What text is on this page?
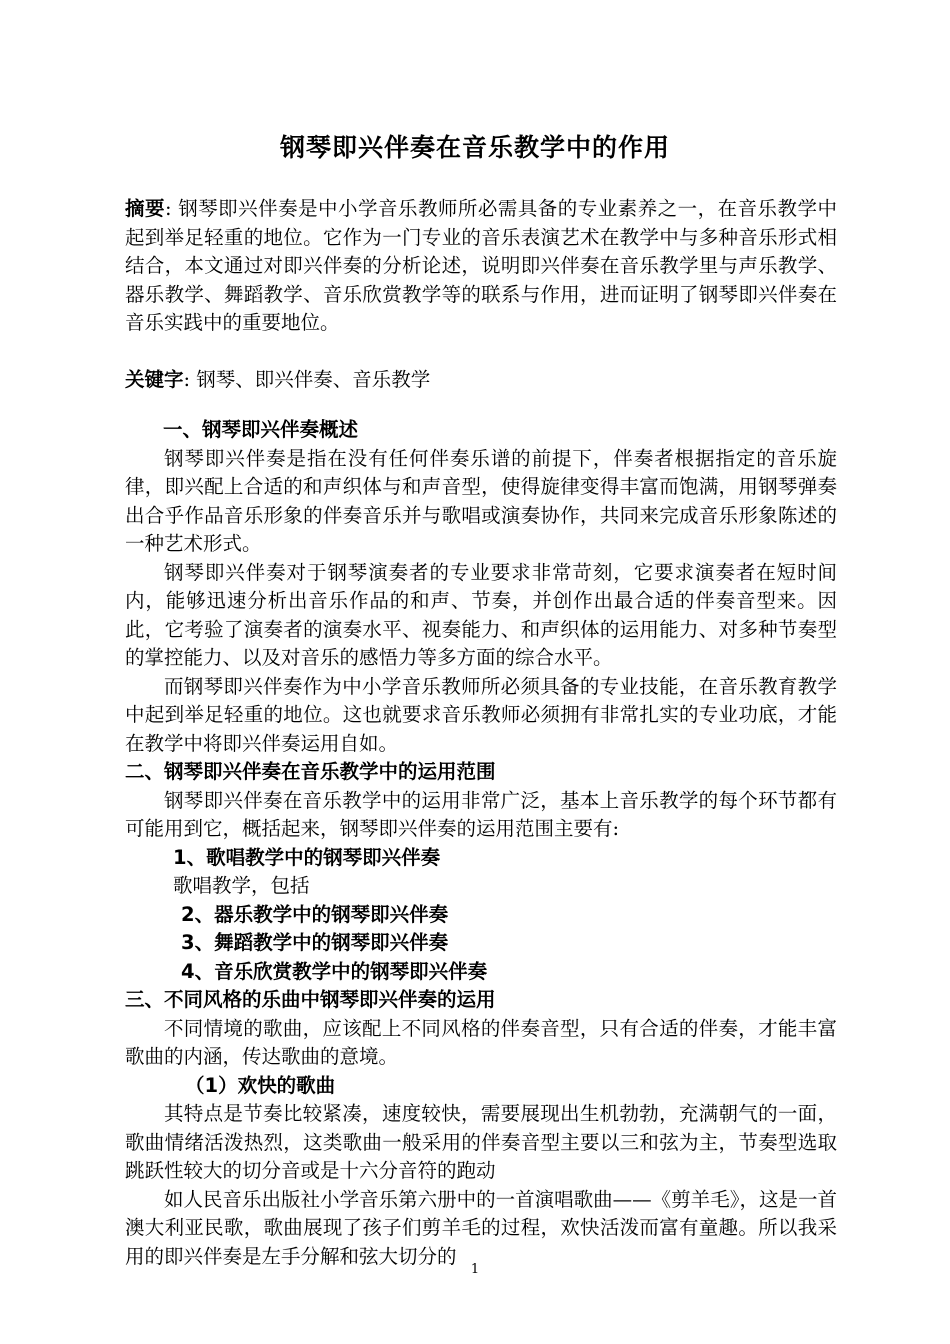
钢琴即兴伴奏在音乐教学中的作用

摘要: 钢琴即兴伴奏是中小学音乐教师所必需具备的专业素养之一，在音乐教学中起到举足轻重的地位。它作为一门专业的音乐表演艺术在教学中与多种音乐形式相结合，本文通过对即兴伴奏的分析论述，说明即兴伴奏在音乐教学里与声乐教学、器乐教学、舞蹈教学、音乐欣赏教学等的联系与作用，进而证明了钢琴即兴伴奏在音乐实践中的重要地位。

关键字: 钢琴、即兴伴奏、音乐教学

一、钢琴即兴伴奏概述

钢琴即兴伴奏是指在没有任何伴奏乐谱的前提下，伴奏者根据指定的音乐旋律，即兴配上合适的和声织体与和声音型，使得旋律变得丰富而饱满，用钢琴弹奏出合乎作品音乐形象的伴奏音乐并与歌唱或演奏协作，共同来完成音乐形象陈述的一种艺术形式。

钢琴即兴伴奏对于钢琴演奏者的专业要求非常苛刻，它要求演奏者在短时间内，能够迅速分析出音乐作品的和声、节奏，并创作出最合适的伴奏音型来。因此，它考验了演奏者的演奏水平、视奏能力、和声织体的运用能力、对多种节奏型的掌控能力、以及对音乐的感悟力等多方面的综合水平。

而钢琴即兴伴奏作为中小学音乐教师所必须具备的专业技能，在音乐教育教学中起到举足轻重的地位。这也就要求音乐教师必须拥有非常扎实的专业功底，才能在教学中将即兴伴奏运用自如。

二、钢琴即兴伴奏在音乐教学中的运用范围

钢琴即兴伴奏在音乐教学中的运用非常广泛，基本上音乐教学的每个环节都有可能用到它，概括起来，钢琴即兴伴奏的运用范围主要有:

1、歌唱教学中的钢琴即兴伴奏

歌唱教学，包括

2、器乐教学中的钢琴即兴伴奏

3、舞蹈教学中的钢琴即兴伴奏

4、音乐欣赏教学中的钢琴即兴伴奏

三、不同风格的乐曲中钢琴即兴伴奏的运用

不同情境的歌曲，应该配上不同风格的伴奏音型，只有合适的伴奏，才能丰富歌曲的内涵，传达歌曲的意境。

（1）欢快的歌曲

其特点是节奏比较紧凑，速度较快，需要展现出生机勃勃，充满朝气的一面，歌曲情绪活泼热烈，这类歌曲一般采用的伴奏音型主要以三和弦为主，节奏型选取跳跃性较大的切分音或是十六分音符的跑动

如人民音乐出版社小学音乐第六册中的一首演唱歌曲——《剪羊毛》，这是一首澳大利亚民歌，歌曲展现了孩子们剪羊毛的过程，欢快活泼而富有童趣。所以我采用的即兴伴奏是左手分解和弦大切分的

1
